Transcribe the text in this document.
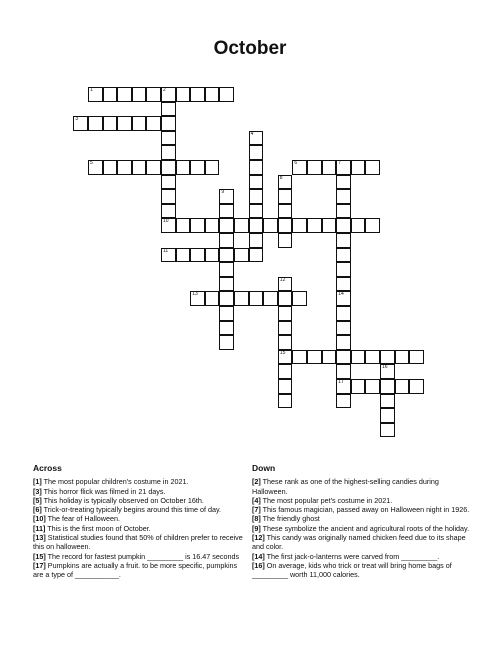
October
1	2
3
5	6	7
10
11
13
15
17
4
8
9
12
14
16
Across
[1] The most popular children's costume in 2021.
[3] This horror flick was filmed in 21 days.
[5] This holiday is typically observed on October 16th.
[6] Trick-or-treating typically begins around this time of day.
[10] The fear of Halloween.
[11] This is the first moon of October.
[13] Statistical studies found that 50% of children prefer to receive this on halloween.
[15] The record for fastest pumpkin _________ is 16.47 seconds
[17] Pumpkins are actually a fruit. to be more specific, pumpkins are a type of ___________.
Down
[2] These rank as one of the highest-selling candies during Halloween.
[4] The most popular pet's costume in 2021.
[7] This famous magician, passed away on Halloween night in 1926.
[8] The friendly ghost
[9] These symbolize the ancient and agricultural roots of the holiday.
[12] This candy was originally named chicken feed due to its shape and color.
[14] The first jack-o-lanterns were carved from _________.
[16] On average, kids who trick or treat will bring home bags of _________ worth 11,000 calories.
